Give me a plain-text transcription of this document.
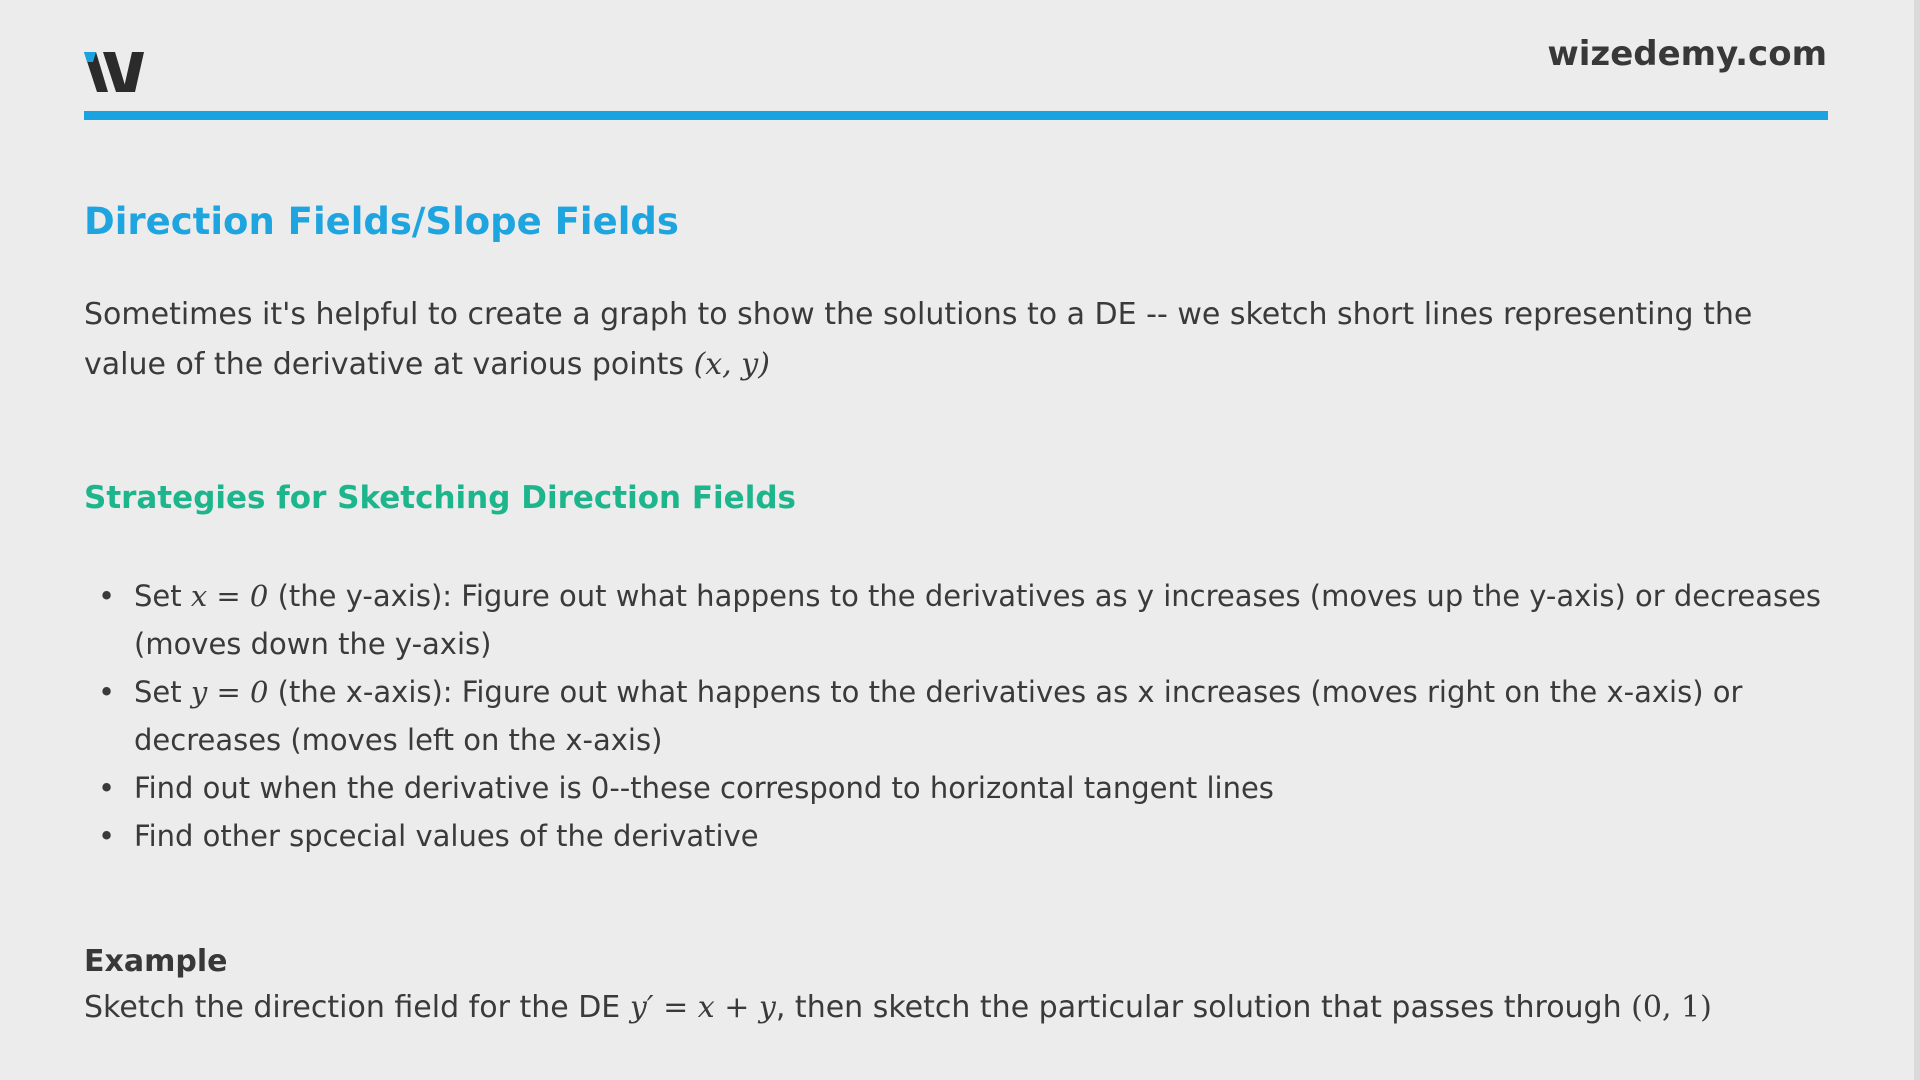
wizedemy.com
Direction Fields/Slope Fields
Sometimes it's helpful to create a graph to show the solutions to a DE -- we sketch short lines representing the value of the derivative at various points (x, y)
Strategies for Sketching Direction Fields
• Set x = 0 (the y-axis): Figure out what happens to the derivatives as y increases (moves up the y-axis) or decreases (moves down the y-axis)
• Set y = 0 (the x-axis): Figure out what happens to the derivatives as x increases (moves right on the x-axis) or decreases (moves left on the x-axis)
• Find out when the derivative is 0--these correspond to horizontal tangent lines
• Find other spcecial values of the derivative
Example
Sketch the direction field for the DE y′ = x + y, then sketch the particular solution that passes through (0, 1)
